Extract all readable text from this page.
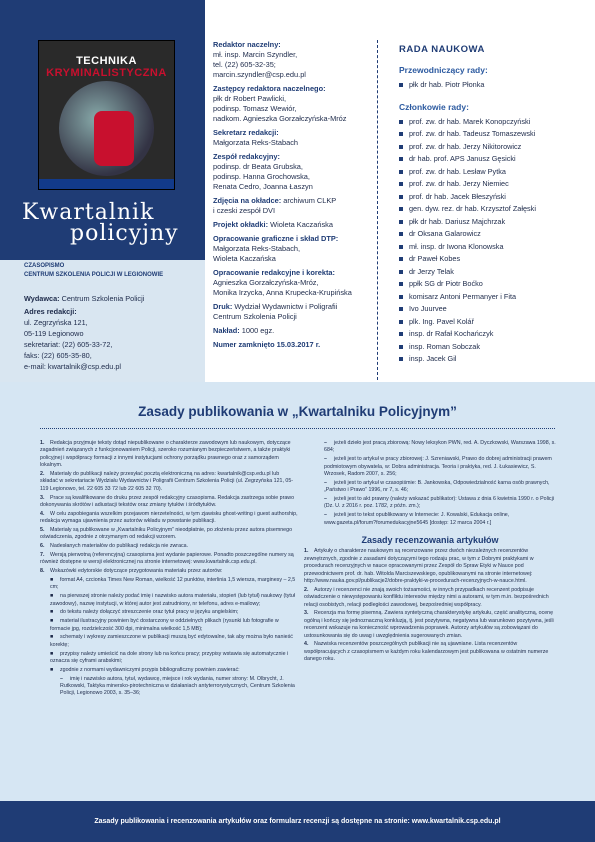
TECHNIKA
KRYMINALISTYCZNA
Kwartalnik
policyjny
CZASOPISMO
CENTRUM SZKOLENIA POLICJI W LEGIONOWIE
Wydawca: Centrum Szkolenia Policji
Adres redakcji:
ul. Zegrzyńska 121,
05-119 Legionowo
sekretariat: (22) 605-33-72,
faks: (22) 605-35-80,
e-mail: kwartalnik@csp.edu.pl
Redaktor naczelny:
mł. insp. Marcin Szyndler,
tel. (22) 605-32-35;
marcin.szyndler@csp.edu.pl
Zastępcy redaktora naczelnego:
płk dr Robert Pawlicki,
podinsp. Tomasz Wewiór,
nadkom. Agnieszka Gorzałczyńska-Mróz
Sekretarz redakcji:
Małgorzata Reks-Stabach
Zespół redakcyjny:
podinsp. dr Beata Grubska,
podinsp. Hanna Grochowska,
Renata Cedro, Joanna Łaszyn
Zdjęcia na okładce: archiwum CLKP
i czeski zespół DVI
Projekt okładki: Wioleta Kaczańska
Opracowanie graficzne i skład DTP:
Małgorzata Reks-Stabach,
Wioleta Kaczańska
Opracowanie redakcyjne i korekta:
Agnieszka Gorzałczyńska-Mróz,
Monika Irzycka, Anna Krupecka-Krupińska
Druk: Wydział Wydawnictw i Poligrafii
Centrum Szkolenia Policji
Nakład: 1000 egz.
Numer zamknięto 15.03.2017 r.
RADA NAUKOWA
Przewodniczący rady:
płk dr hab. Piotr Płonka
Członkowie rady:
prof. zw. dr hab. Marek Konopczyński
prof. zw. dr hab. Tadeusz Tomaszewski
prof. zw. dr hab. Jerzy Nikitorowicz
dr hab. prof. APS Janusz Gęsicki
prof. zw. dr hab. Lesław Pytka
prof. zw. dr hab. Jerzy Niemiec
prof. dr hab. Jacek Błeszyński
gen. dyw. rez. dr hab. Krzysztof Załęski
płk dr hab. Dariusz Majchrzak
dr Oksana Galarowicz
mł. insp. dr Iwona Klonowska
dr Paweł Kobes
dr Jerzy Telak
ppłk SG dr Piotr Boćko
komisarz Antoni Permanyer i Fita
Ivo Juurvee
plk. Ing. Pavel Kolář
insp. dr Rafał Kochańczyk
insp. Roman Sobczak
insp. Jacek Gil
Zasady publikowania w „Kwartalniku Policyjnym”

1. Redakcja przyjmuje teksty dotąd niepublikowane o charakterze zawodowym lub naukowym, dotyczące zagadnień związanych z funkcjonowaniem Policji, szeroko rozumianym bezpieczeństwem, a także praktyki policyjnej i współpracy formacji z innymi instytucjami ochrony porządku prawnego oraz z samorządem lokalnym.

2. Materiały do publikacji należy przesyłać pocztą elektroniczną na adres: kwartalnik@csp.edu.pl lub składać w sekretariacie Wydziału Wydawnictw i Poligrafii Centrum Szkolenia Policji (ul. Zegrzyńska 121, 05-119 Legionowo, tel. 22 605 33 72 lub 22 605 32 70).

3. Prace są kwalifikowane do druku przez zespół redakcyjny czasopisma. Redakcja zastrzega sobie prawo dokonywania skrótów i adiustacji tekstów oraz zmiany tytułów i śródtytułów.

4. W celu zapobiegania wszelkim przejawom nierzetelności, w tym zjawisku ghost-writing i guest authorship, redakcja wymaga ujawnienia przez autorów wkładu w powstanie publikacji.

5. Materiały są publikowane w „Kwartalniku Policyjnym” nieodpłatnie, po złożeniu przez autora pisemnego oświadczenia, zgodnie z otrzymanym od redakcji wzorem.

6. Nadesłanych materiałów do publikacji redakcja nie zwraca.

7. Wersją pierwotną (referencyjną) czasopisma jest wydanie papierowe. Ponadto poszczególne numery są również dostępne w wersji elektronicznej na stronie internetowej: www.kwartalnik.csp.edu.pl.

8. Wskazówki edytorskie dotyczące przygotowania materiału przez autorów:

■ format A4, czcionka Times New Roman, wielkość 12 punktów, interlinia 1,5 wiersza, marginesy – 2,5 cm;

■ na pierwszej stronie należy podać imię i nazwisko autora materiału, stopień (lub tytuł) naukowy (tytuł zawodowy), nazwę instytucji, w której autor jest zatrudniony, nr telefonu, adres e-mailowy;

■ do tekstu należy dołączyć streszczenie oraz tytuł pracy w języku angielskim;

■ materiał ilustracyjny powinien być dostarczony w oddzielnych plikach (rysunki lub fotografie w formacie jpg, rozdzielczość 300 dpi, minimalna wielkość 1,5 MB);

■ schematy i wykresy zamieszczone w publikacji muszą być edytowalne, tak aby można było nanieść korektę;

■ przypisy należy umieścić na dole strony lub na końcu pracy; przypisy wstawia się automatycznie i oznacza się cyframi arabskimi;

■ zgodnie z normami wydawniczymi przypis bibliograficzny powinien zawierać:

– imię i nazwisko autora, tytuł, wydawcę, miejsce i rok wydania, numer strony: M. Olbrycht, J. Rutkowski, Taktyka minersko-pirotechniczna w działaniach antyterrorystycznych, Centrum Szkolenia Policji, Legionowo 2003, s. 35–36;

– jeżeli dzieło jest pracą zbiorową: Nowy leksykon PWN, red. A. Dyczkowski, Warszawa 1998, s. 684;

– jeżeli jest to artykuł w pracy zbiorowej: J. Szreniawski, Prawo do dobrej administracji prawem podmiotowym obywatela, w: Dobra administracja. Teoria i praktyka, red. J. Łukasiewicz, S. Wrzosek, Radom 2007, s. 256;

– jeżeli jest to artykuł w czasopiśmie: B. Jankowska, Odpowiedzialność karna osób prawnych, „Państwo i Prawo” 1996, nr 7, s. 46;

– jeżeli jest to akt prawny (należy wskazać publikator): Ustawa z dnia 6 kwietnia 1990 r. o Policji (Dz. U. z 2016 r. poz. 1782, z późn. zm.);

– jeżeli jest to tekst opublikowany w Internecie: J. Kowalski, Edukacja online, www.gazeta.pl/forum?forumedukacyjne5645 [dostęp: 12 marca 2004 r.]

Zasady recenzowania artykułów

1. Artykuły o charakterze naukowym są recenzowane przez dwóch niezależnych recenzentów zewnętrznych, zgodnie z zasadami dotyczącymi tego rodzaju prac, w tym z Dobrymi praktykami w procedurach recenzyjnych w nauce opracowanymi przez Zespół do Spraw Etyki w Nauce pod przewodnictwem prof. dr. hab. Witolda Marciszewskiego, opublikowanymi na stronie internetowej: http://www.nauka.gov.pl/publikacje2/dobre-praktyki-w-procedurach-recenzyjnych-w-nauce.html.

2. Autorzy i recenzenci nie znają swoich tożsamości, w innych przypadkach recenzent podpisuje oświadczenie o niewystępowaniu konfliktu interesów między nimi a autorami, w tym m.in. bezpośrednich relacji osobistych, relacji podległości zawodowej, bezpośredniej współpracy.

3. Recenzja ma formę pisemną. Zawiera syntetyczną charakterystykę artykułu, część analityczną, ocenę ogólną i kończy się jednoznaczną konkluzją, tj. jest pozytywna, negatywna lub warunkowo pozytywna, jeśli recenzent wskazuje na konieczność wprowadzenia poprawek. Autorzy artykułów są zobowiązani do ustosunkowania się do uwag i uwzględnienia sugerowanych zmian.

4. Nazwiska recenzentów poszczególnych publikacji nie są ujawniane. Lista recenzentów współpracujących z czasopismem w każdym roku kalendarzowym jest publikowana w ostatnim numerze danego roku.

Zasady publikowania i recenzowania artykułów oraz formularz recenzji są dostępne na stronie: www.kwartalnik.csp.edu.pl
